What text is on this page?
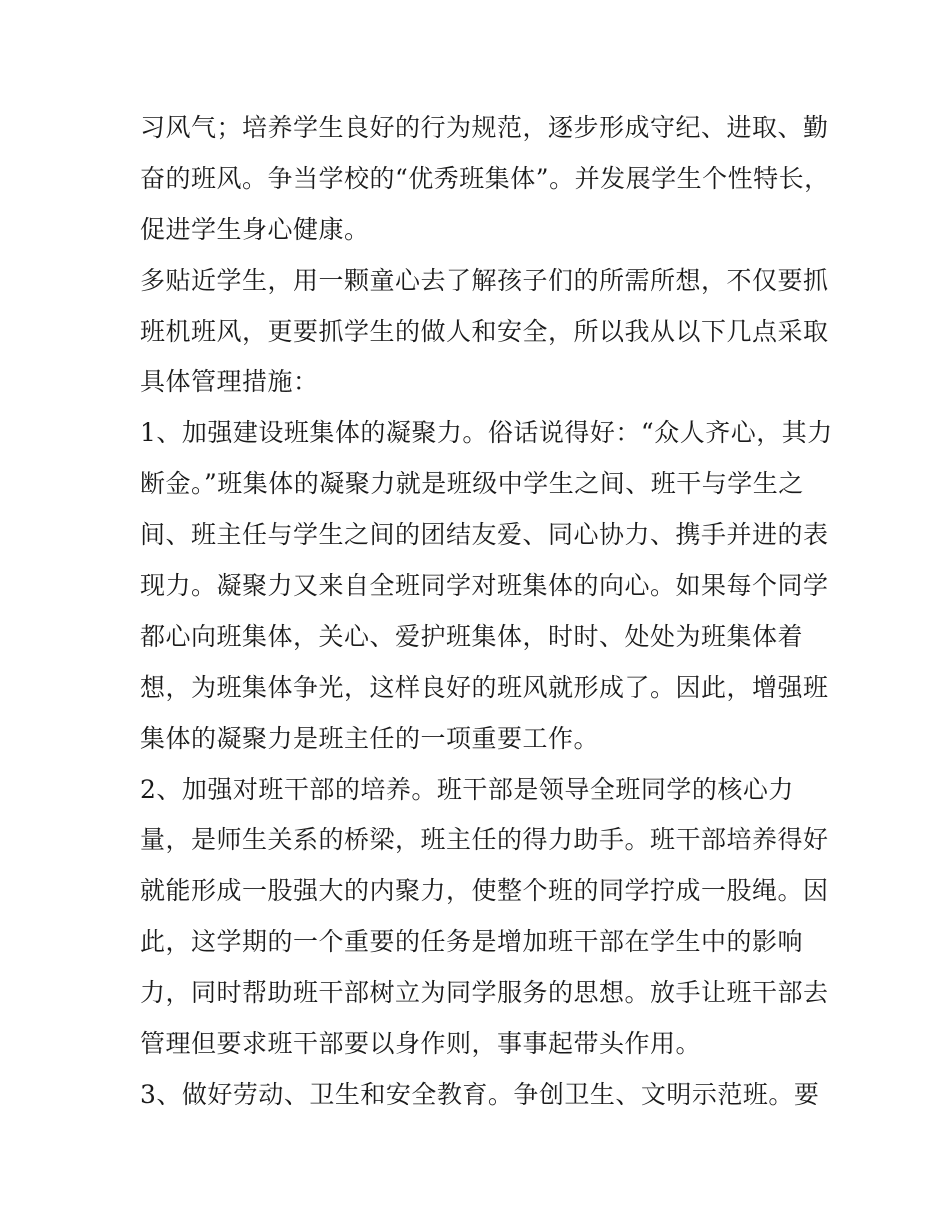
习风气；培养学生良好的行为规范，逐步形成守纪、进取、勤
奋的班风。争当学校的“优秀班集体”。并发展学生个性特长，
促进学生身心健康。
多贴近学生，用一颗童心去了解孩子们的所需所想，不仅要抓
班机班风，更要抓学生的做人和安全，所以我从以下几点采取
具体管理措施：
1、加强建设班集体的凝聚力。俗话说得好：“众人齐心，其力
断金。”班集体的凝聚力就是班级中学生之间、班干与学生之
间、班主任与学生之间的团结友爱、同心协力、携手并进的表
现力。凝聚力又来自全班同学对班集体的向心。如果每个同学
都心向班集体，关心、爱护班集体，时时、处处为班集体着
想，为班集体争光，这样良好的班风就形成了。因此，增强班
集体的凝聚力是班主任的一项重要工作。
2、加强对班干部的培养。班干部是领导全班同学的核心力
量，是师生关系的桥梁，班主任的得力助手。班干部培养得好
就能形成一股强大的内聚力，使整个班的同学拧成一股绳。因
此，这学期的一个重要的任务是增加班干部在学生中的影响
力，同时帮助班干部树立为同学服务的思想。放手让班干部去
管理但要求班干部要以身作则，事事起带头作用。
3、做好劳动、卫生和安全教育。争创卫生、文明示范班。要
